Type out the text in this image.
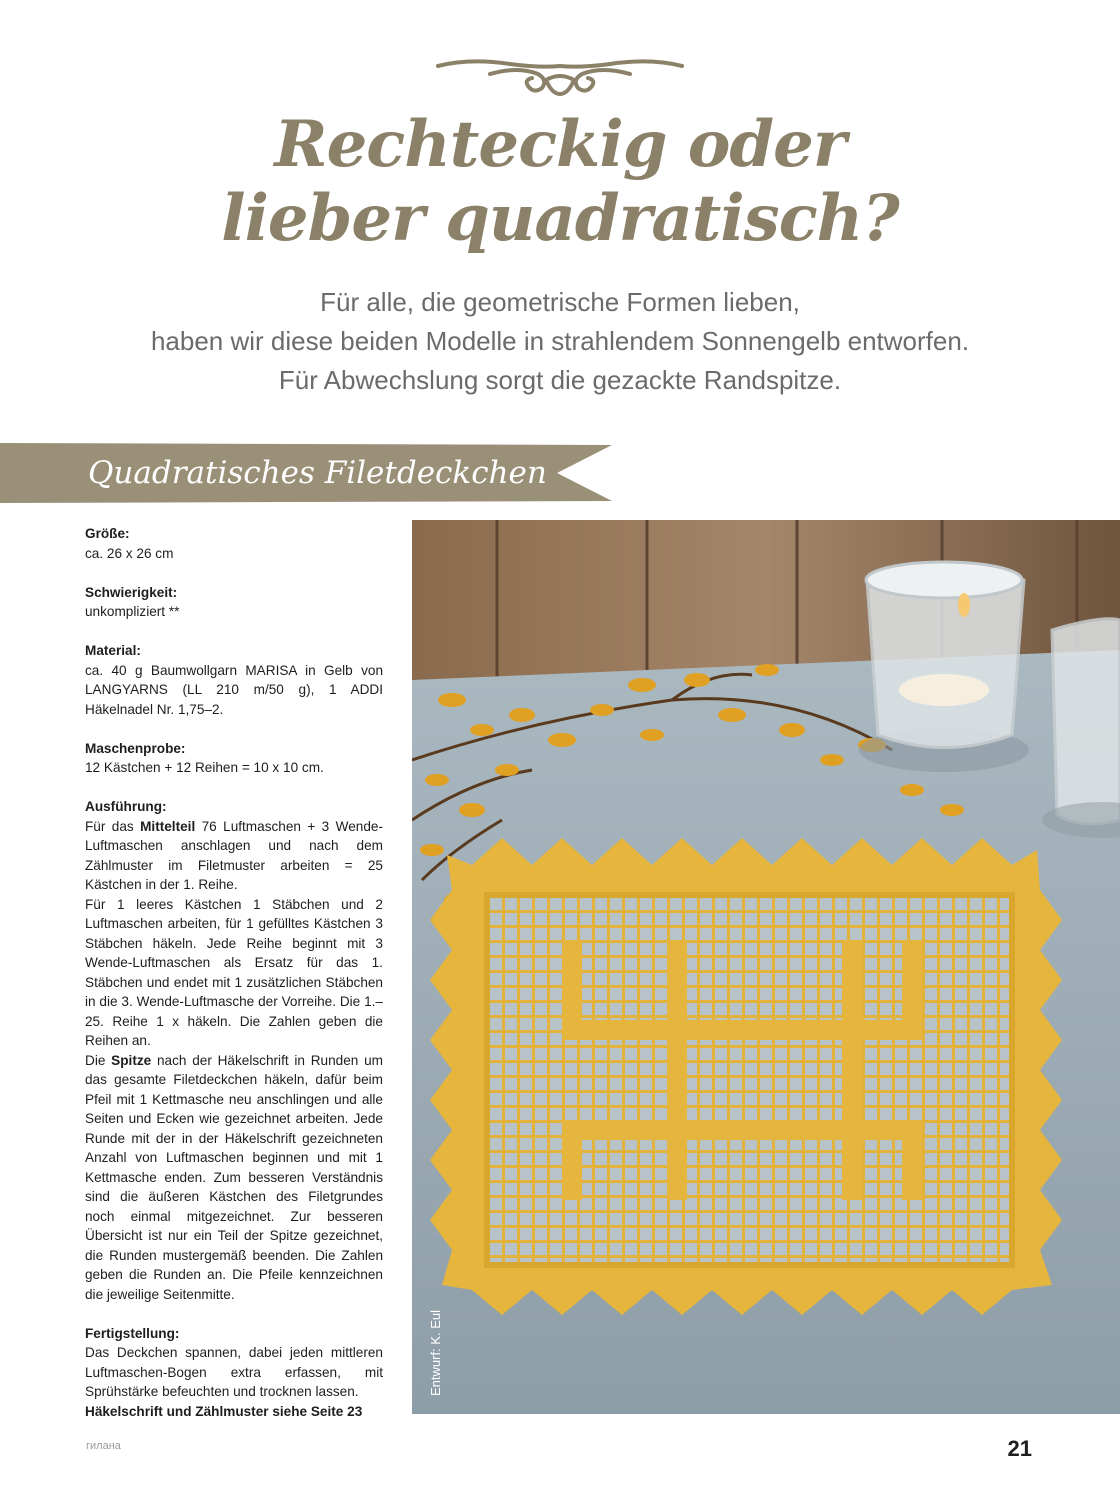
Rechteckig oder
lieber quadratisch?
Für alle, die geometrische Formen lieben,
haben wir diese beiden Modelle in strahlendem Sonnengelb entworfen.
Für Abwechslung sorgt die gezackte Randspitze.
Quadratisches Filetdeckchen
Größe:
ca. 26 x 26 cm
Schwierigkeit:
unkompliziert **
Material:
ca. 40 g Baumwollgarn MARISA in Gelb von LANGYARNS (LL 210 m/50 g), 1 ADDI Häkelnadel Nr. 1,75–2.
Maschenprobe:
12 Kästchen + 12 Reihen = 10 x 10 cm.
Ausführung:
Für das Mittelteil 76 Luftmaschen + 3 Wende-Luftmaschen anschlagen und nach dem Zählmuster im Filetmuster arbeiten = 25 Kästchen in der 1. Reihe.
Für 1 leeres Kästchen 1 Stäbchen und 2 Luftmaschen arbeiten, für 1 gefülltes Kästchen 3 Stäbchen häkeln. Jede Reihe beginnt mit 3 Wende-Luftmaschen als Ersatz für das 1. Stäbchen und endet mit 1 zusätzlichen Stäbchen in die 3. Wende-Luftmasche der Vorreihe. Die 1.–25. Reihe 1 x häkeln. Die Zahlen geben die Reihen an.
Die Spitze nach der Häkelschrift in Runden um das gesamte Filetdeckchen häkeln, dafür beim Pfeil mit 1 Kettmasche neu anschlingen und alle Seiten und Ecken wie gezeichnet arbeiten. Jede Runde mit der in der Häkelschrift gezeichneten Anzahl von Luftmaschen beginnen und mit 1 Kettmasche enden. Zum besseren Verständnis sind die äußeren Kästchen des Filetgrundes noch einmal mitgezeichnet. Zur besseren Übersicht ist nur ein Teil der Spitze gezeichnet, die Runden mustergemäß beenden. Die Zahlen geben die Runden an. Die Pfeile kennzeichnen die jeweilige Seitenmitte.
Fertigstellung:
Das Deckchen spannen, dabei jeden mittleren Luftmaschen-Bogen extra erfassen, mit Sprühstärke befeuchten und trocknen lassen.
Häkelschrift und Zählmuster siehe Seite 23
Entwurf: K. Eul
гилана	21
